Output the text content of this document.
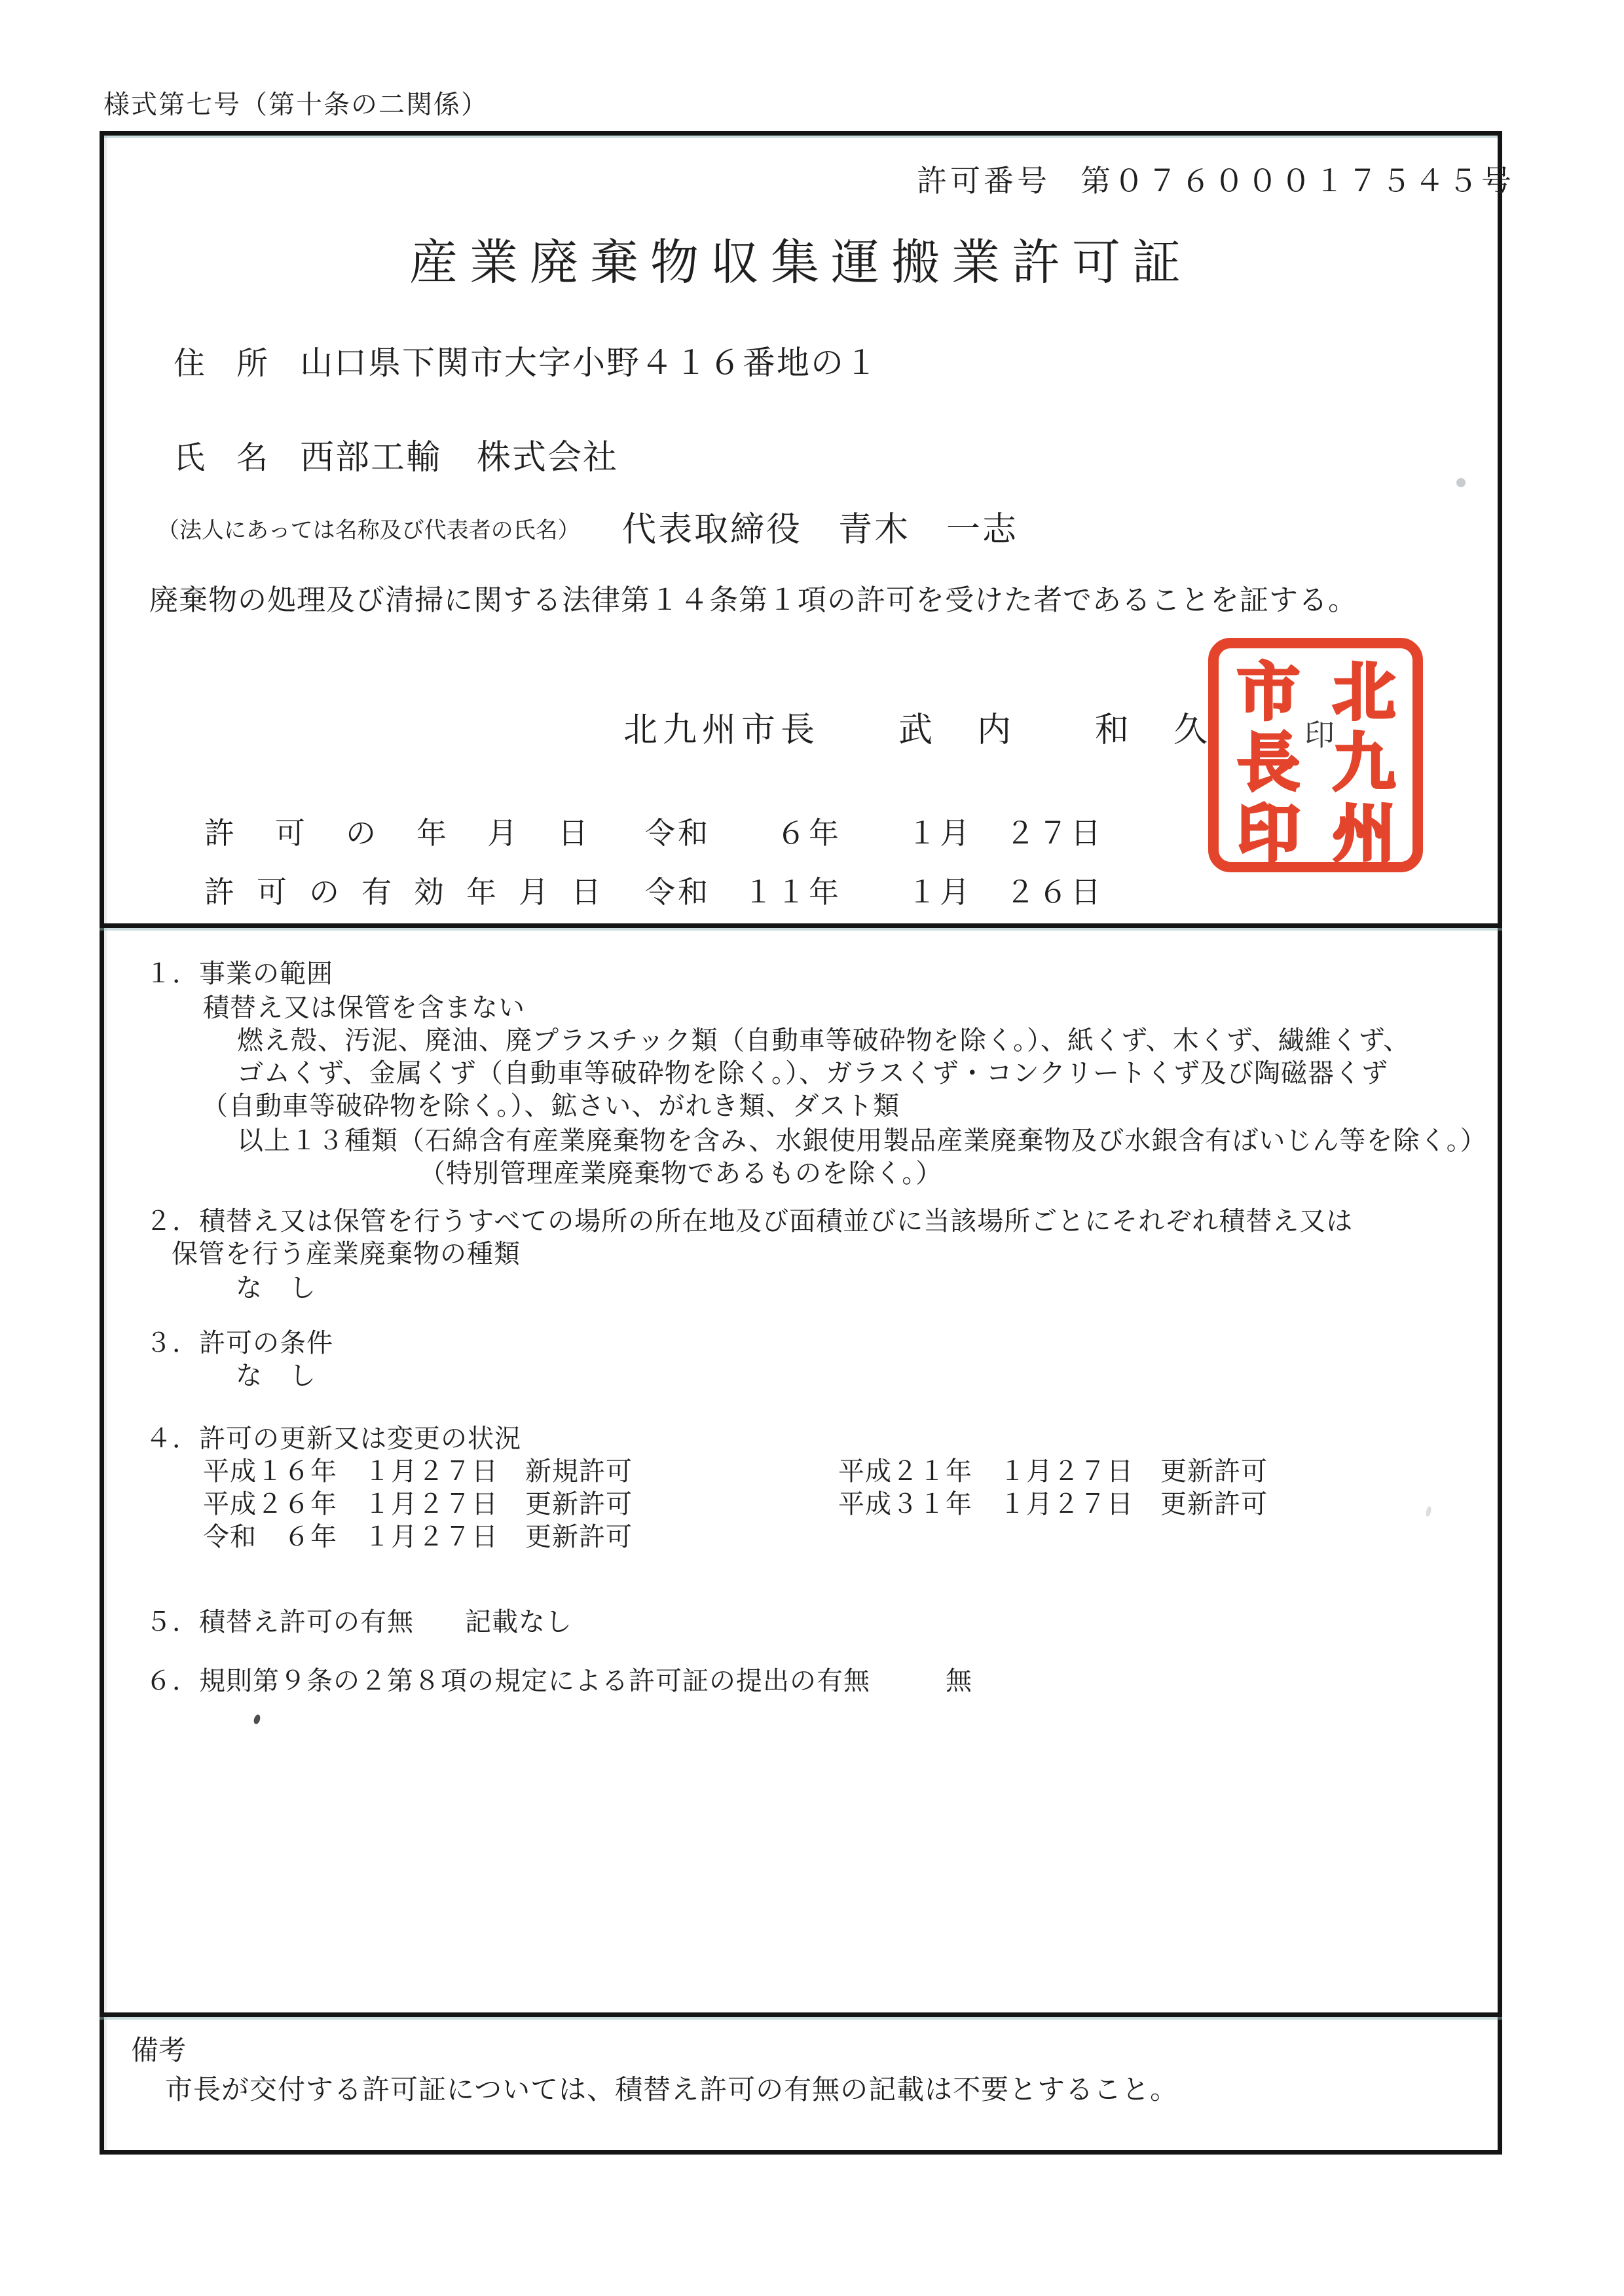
様式第七号（第十条の二関係）
許可番号 第０７６０００１７５４５号
産業廃棄物収集運搬業許可証
住　所 山口県下関市大字小野４１６番地の１
氏　名 西部工輸　株式会社
（法人にあっては名称及び代表者の氏名） 代表取締役　青木　一志
廃棄物の処理及び清掃に関する法律第１４条第１項の許可を受けた者であることを証する。
北九州市長　　武　内　　和　久	印
北
九
州
市
長
印
許　可　の　年　月　日 令和　　６年　　１月　２７日
許可の有効年月日 令和　１１年　　１月　２６日
１．事業の範囲
積替え又は保管を含まない
燃え殻、汚泥、廃油、廃プラスチック類（自動車等破砕物を除く。）、紙くず、木くず、繊維くず、
ゴムくず、金属くず（自動車等破砕物を除く。）、ガラスくず・コンクリートくず及び陶磁器くず
（自動車等破砕物を除く。）、鉱さい、がれき類、ダスト類
以上１３種類（石綿含有産業廃棄物を含み、水銀使用製品産業廃棄物及び水銀含有ばいじん等を除く。）
（特別管理産業廃棄物であるものを除く。）
２．積替え又は保管を行うすべての場所の所在地及び面積並びに当該場所ごとにそれぞれ積替え又は
保管を行う産業廃棄物の種類
な　し
３．許可の条件
な　し
４．許可の更新又は変更の状況
平成１６年　１月２７日　新規許可
平成２６年　１月２７日　更新許可
令和　６年　１月２７日　更新許可
平成２１年　１月２７日　更新許可
平成３１年　１月２７日　更新許可
５．積替え許可の有無 記載なし
６．規則第９条の２第８項の規定による許可証の提出の有無	無
備考
市長が交付する許可証については、積替え許可の有無の記載は不要とすること。
